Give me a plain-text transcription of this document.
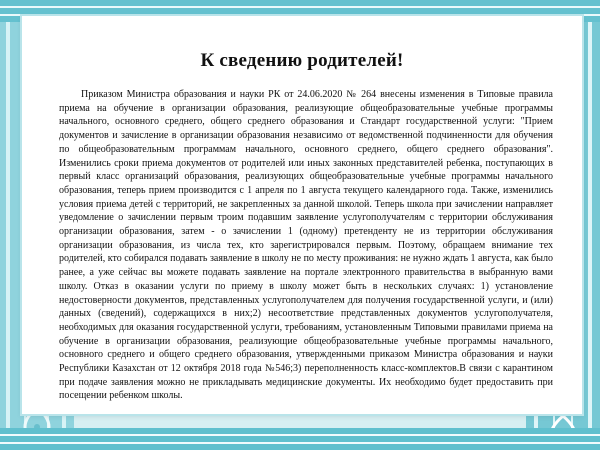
К сведению родителей!

Приказом Министра образования и науки РК от 24.06.2020 № 264 внесены изменения в Типовые правила приема на обучение в организации образования, реализующие общеобразовательные учебные программы начального, основного среднего, общего среднего образования и Стандарт государственной услуги: "Прием документов и зачисление в организации образования независимо от ведомственной подчиненности для обучения по общеобразовательным программам начального, основного среднего, общего среднего образования". Изменились сроки приема документов от родителей или иных законных представителей ребенка, поступающих в первый класс организаций образования, реализующих общеобразовательные учебные программы начального образования, теперь прием производится с 1 апреля по 1 августа текущего календарного года. Также, изменились условия приема детей с территорий, не закрепленных за данной школой. Теперь школа при зачислении направляет уведомление о зачислении первым троим подавшим заявление услугополучателям с территории обслуживания организации образования, затем - о зачислении 1 (одному) претенденту не из территории обслуживания организации образования, из числа тех, кто зарегистрировался первым. Поэтому, обращаем внимание тех родителей, кто собирался подавать заявление в школу не по месту проживания: не нужно ждать 1 августа, как было ранее, а уже сейчас вы можете подавать заявление на портале электронного правительства в выбранную вами школу. Отказ в оказании услуги по приему в школу может быть в нескольких случаях: 1) установление недостоверности документов, представленных услугополучателем для получения государственной услуги, и (или) данных (сведений), содержащихся в них;2) несоответствие представленных документов услугополучателя, необходимых для оказания государственной услуги, требованиям, установленным Типовыми правилами приема на обучение в организации образования, реализующие общеобразовательные учебные программы начального, основного среднего и общего среднего образования, утвержденными приказом Министра образования и науки Республики Казахстан от 12 октября 2018 года №546;3) переполненность класс-комплектов.В связи с карантином при подаче заявления можно не прикладывать медицинские документы. Их необходимо будет предоставить при посещении ребенком школы.
